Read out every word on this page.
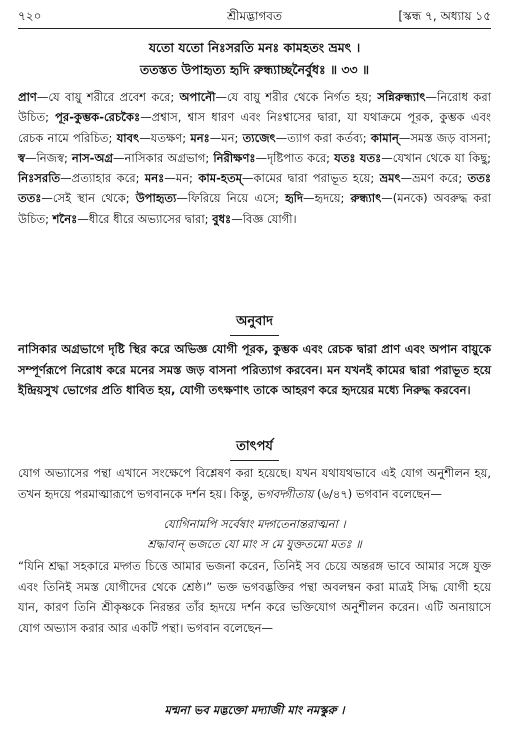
৭২০	শ্রীমদ্ভাগবত	[স্কন্ধ ৭, অধ্যায় ১৫
যতো যতো নিঃসরতি মনঃ কামহতং ভ্রমৎ ।
ততস্তত উপাহৃত্য হৃদি রুন্ধ্যাচ্ছনৈর্বুধঃ ॥ ৩৩ ॥
প্রাণ—যে বায়ু শরীরে প্রবেশ করে; অপানৌ—যে বায়ু শরীর থেকে নির্গত হয়; সন্নিরুন্ধ্যাৎ—নিরোধ করা উচিত; পূর-কুম্ভক-রেচকৈঃ—প্রশ্বাস, শ্বাস ধারণ এবং নিঃশ্বাসের দ্বারা, যা যথাক্রমে পূরক, কুম্ভক এবং রেচক নামে পরিচিত; যাবৎ—যতক্ষণ; মনঃ—মন; ত্যজেৎ—ত্যাগ করা কর্তব্য; কামান্—সমস্ত জড় বাসনা; স্ব—নিজস্ব; নাস-অগ্র—নাসিকার অগ্রভাগ; নিরীক্ষণঃ—দৃষ্টিপাত করে; যতঃ যতঃ—যেখান থেকে যা কিছু; নিঃসরতি—প্রত্যাহার করে; মনঃ—মন; কাম-হতম্—কামের দ্বারা পরাভূত হয়ে; ভ্রমৎ—ভ্রমণ করে; ততঃ ততঃ—সেই স্থান থেকে; উপাহৃত্য—ফিরিয়ে নিয়ে এসে; হৃদি—হৃদয়ে; রুন্ধ্যাৎ—(মনকে) অবরুদ্ধ করা উচিত; শনৈঃ—ধীরে ধীরে অভ্যাসের দ্বারা; বুধঃ—বিজ্ঞ যোগী।
অনুবাদ
নাসিকার অগ্রভাগে দৃষ্টি স্থির করে অভিজ্ঞ যোগী পূরক, কুম্ভক এবং রেচক দ্বারা প্রাণ এবং অপান বায়ুকে সম্পূর্ণরূপে নিরোধ করে মনের সমস্ত জড় বাসনা পরিত্যাগ করবেন। মন যখনই কামের দ্বারা পরাভূত হয়ে ইন্দ্রিয়সুখ ভোগের প্রতি ধাবিত হয়, যোগী তৎক্ষণাৎ তাকে আহরণ করে হৃদয়ের মধ্যে নিরুদ্ধ করবেন।
তাৎপর্য
যোগ অভ্যাসের পন্থা এখানে সংক্ষেপে বিশ্লেষণ করা হয়েছে। যখন যথাযথভাবে এই যোগ অনুশীলন হয়, তখন হৃদয়ে পরমাত্মারূপে ভগবানকে দর্শন হয়। কিন্তু, ভগবদ্গীতায় (৬/৪৭) ভগবান বলেছেন—
যোগিনামপি সর্বেষাং মদ্গতেনান্তরাত্মনা ।
শ্রদ্ধাবান্ ভজতে যো মাং স মে যুক্ততমো মতঃ ॥
“যিনি শ্রদ্ধা সহকারে মদ্গত চিত্তে আমার ভজনা করেন, তিনিই সব চেয়ে অন্তরঙ্গ ভাবে আমার সঙ্গে যুক্ত এবং তিনিই সমস্ত যোগীদের থেকে শ্রেষ্ঠ।” ভক্ত ভগবদ্ভক্তির পন্থা অবলম্বন করা মাত্রই সিদ্ধ যোগী হয়ে যান, কারণ তিনি শ্রীকৃষ্ণকে নিরন্তর তাঁর হৃদয়ে দর্শন করে ভক্তিযোগ অনুশীলন করেন। এটি অনায়াসে যোগ অভ্যাস করার আর একটি পন্থা। ভগবান বলেছেন—
মন্মনা ভব মদ্ভক্তো মদ্যাজী মাং নমস্কুরু ।
